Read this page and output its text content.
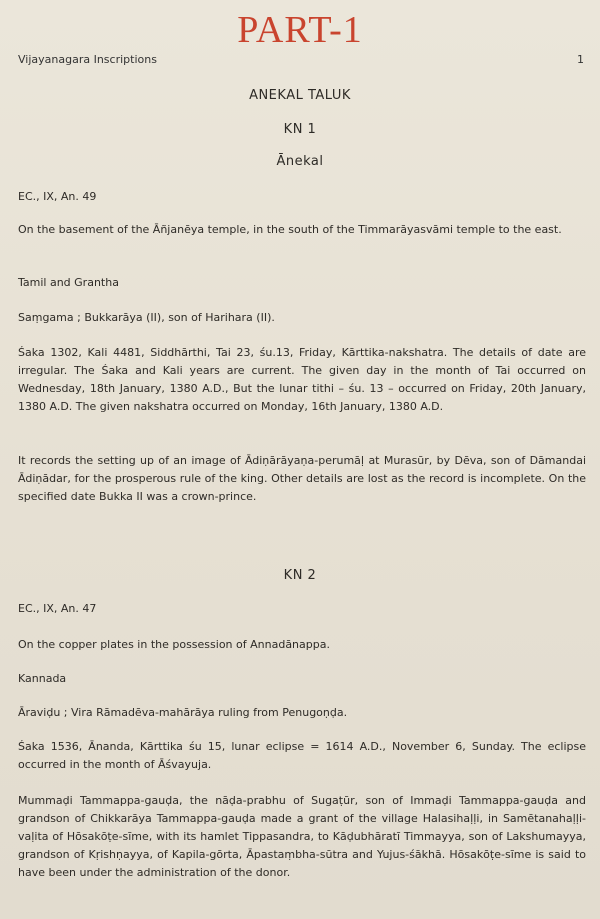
PART-1
Vijayanagara Inscriptions	1
ANEKAL TALUK
KN 1
Ānekal
EC., IX, An. 49
On the basement of the Āñjanēya temple, in the south of the Timmarāyasvāmi temple to the east.
Tamil and Grantha
Saṃgama ; Bukkarāya (II), son of Harihara (II).
Śaka 1302, Kali 4481, Siddhārthi, Tai 23, śu.13, Friday, Kārttika-nakshatra. The details of date are irregular. The Śaka and Kali years are current. The given day in the month of Tai occurred on Wednesday, 18th January, 1380 A.D., But the lunar tithi – śu. 13 – occurred on Friday, 20th January, 1380 A.D. The given nakshatra occurred on Monday, 16th January, 1380 A.D.
It records the setting up of an image of Ādiṇārāyaṇa-perumāḷ at Murasūr, by Dēva, son of Dāmandai Ādiṇādar, for the prosperous rule of the king. Other details are lost as the record is incomplete. On the specified date Bukka II was a crown-prince.
KN 2
EC., IX, An. 47
On the copper plates in the possession of Annadānappa.
Kannada
Āraviḍu ; Vira Rāmadēva-mahārāya ruling from Penugoṇḍa.
Śaka 1536, Ānanda, Kārttika śu 15, lunar eclipse = 1614 A.D., November 6, Sunday. The eclipse occurred in the month of Āśvayuja.
Mummaḍi Tammappa-gauḍa, the nāḍa-prabhu of Sugaṭūr, son of Immaḍi Tammappa-gauḍa and grandson of Chikkarāya Tammappa-gauḍa made a grant of the village Halasihaḷḷi, in Samētanahaḷḷi-vaḷita of Hōsakōṭe-sīme, with its hamlet Tippasandra, to Kāḍubhāratī Timmayya, son of Lakshumayya, grandson of Kṛishṇayya, of Kapila-gōrta, Āpastaṃbha-sūtra and Yujus-śākhā. Hōsakōṭe-sīme is said to have been under the administration of the donor.
